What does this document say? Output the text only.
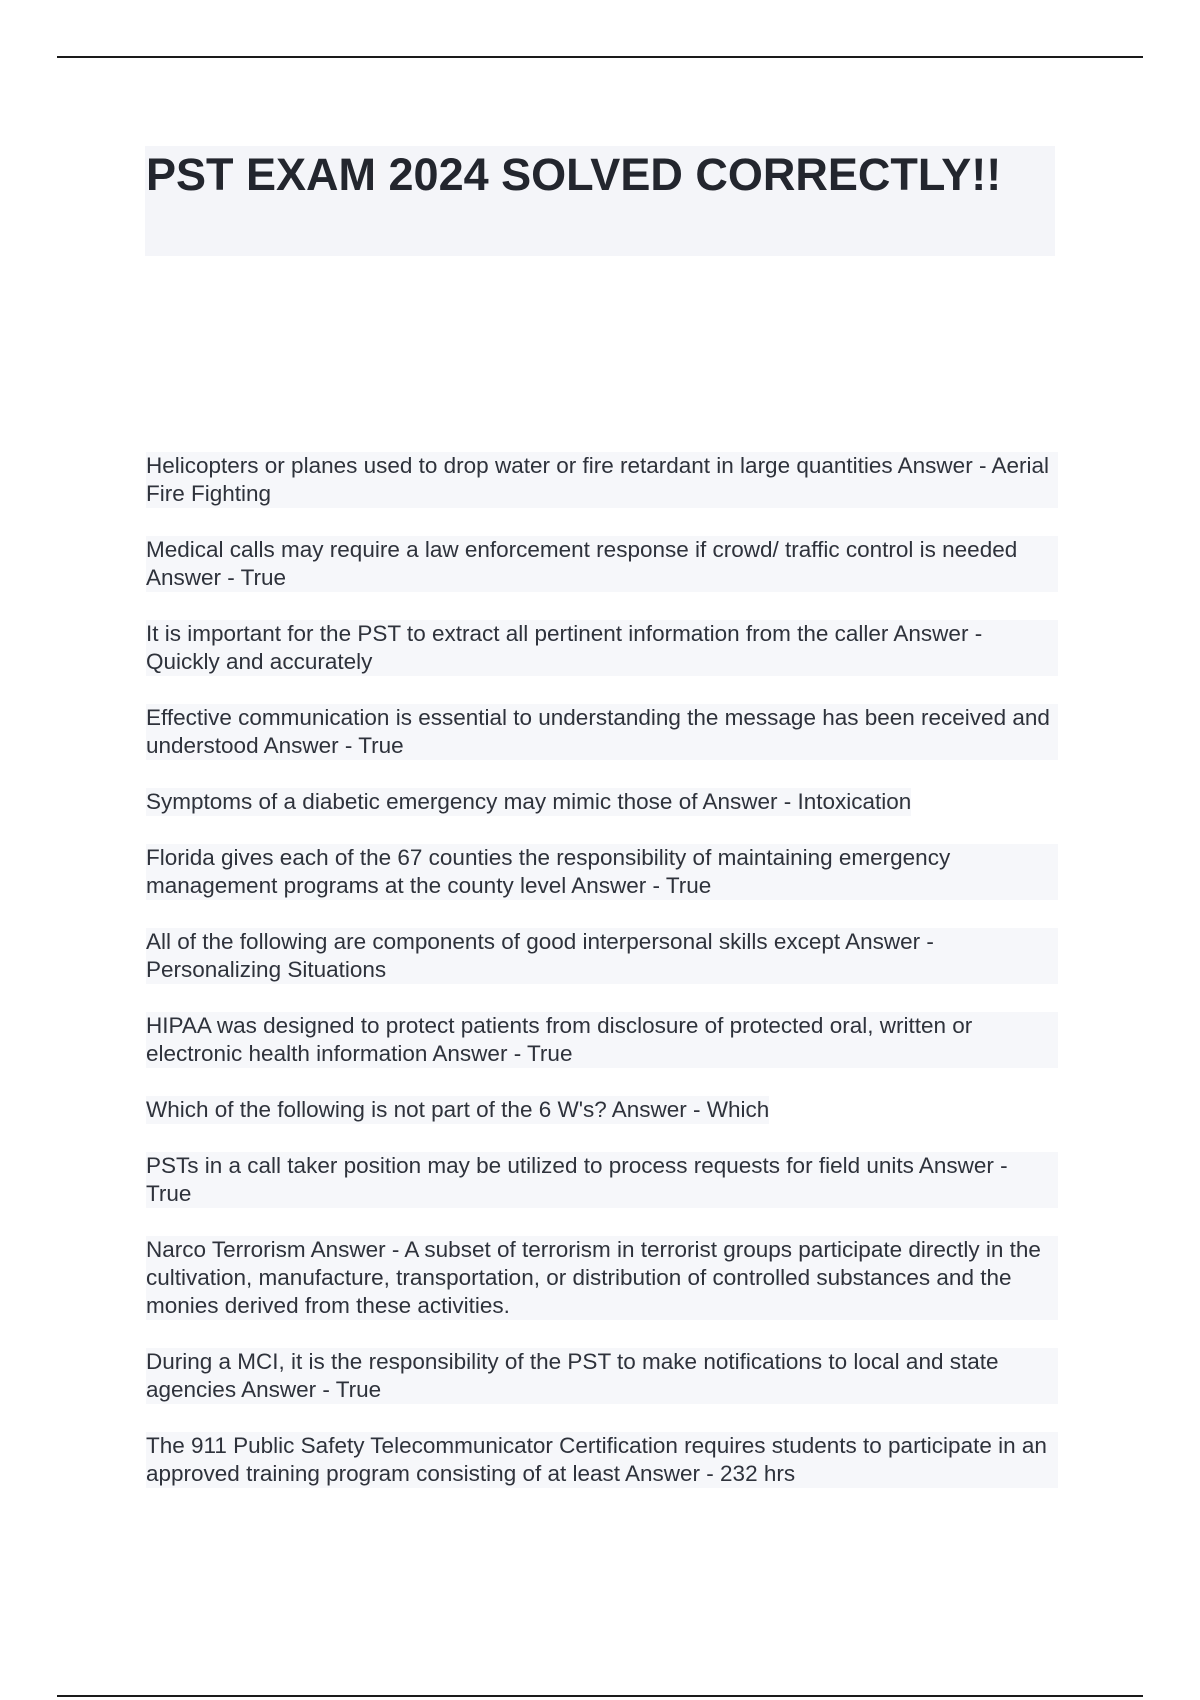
PST EXAM 2024 SOLVED CORRECTLY!!
Helicopters or planes used to drop water or fire retardant in large quantities Answer - Aerial Fire Fighting
Medical calls may require a law enforcement response if crowd/ traffic control is needed Answer - True
It is important for the PST to extract all pertinent information from the caller Answer - Quickly and accurately
Effective communication is essential to understanding the message has been received and understood Answer - True
Symptoms of a diabetic emergency may mimic those of Answer - Intoxication
Florida gives each of the 67 counties the responsibility of maintaining emergency management programs at the county level Answer - True
All of the following are components of good interpersonal skills except Answer - Personalizing Situations
HIPAA was designed to protect patients from disclosure of protected oral, written or electronic health information Answer - True
Which of the following is not part of the 6 W's? Answer - Which
PSTs in a call taker position may be utilized to process requests for field units Answer - True
Narco Terrorism Answer - A subset of terrorism in terrorist groups participate directly in the cultivation, manufacture, transportation, or distribution of controlled substances and the monies derived from these activities.
During a MCI, it is the responsibility of the PST to make notifications to local and state agencies Answer - True
The 911 Public Safety Telecommunicator Certification requires students to participate in an approved training program consisting of at least Answer - 232 hrs
